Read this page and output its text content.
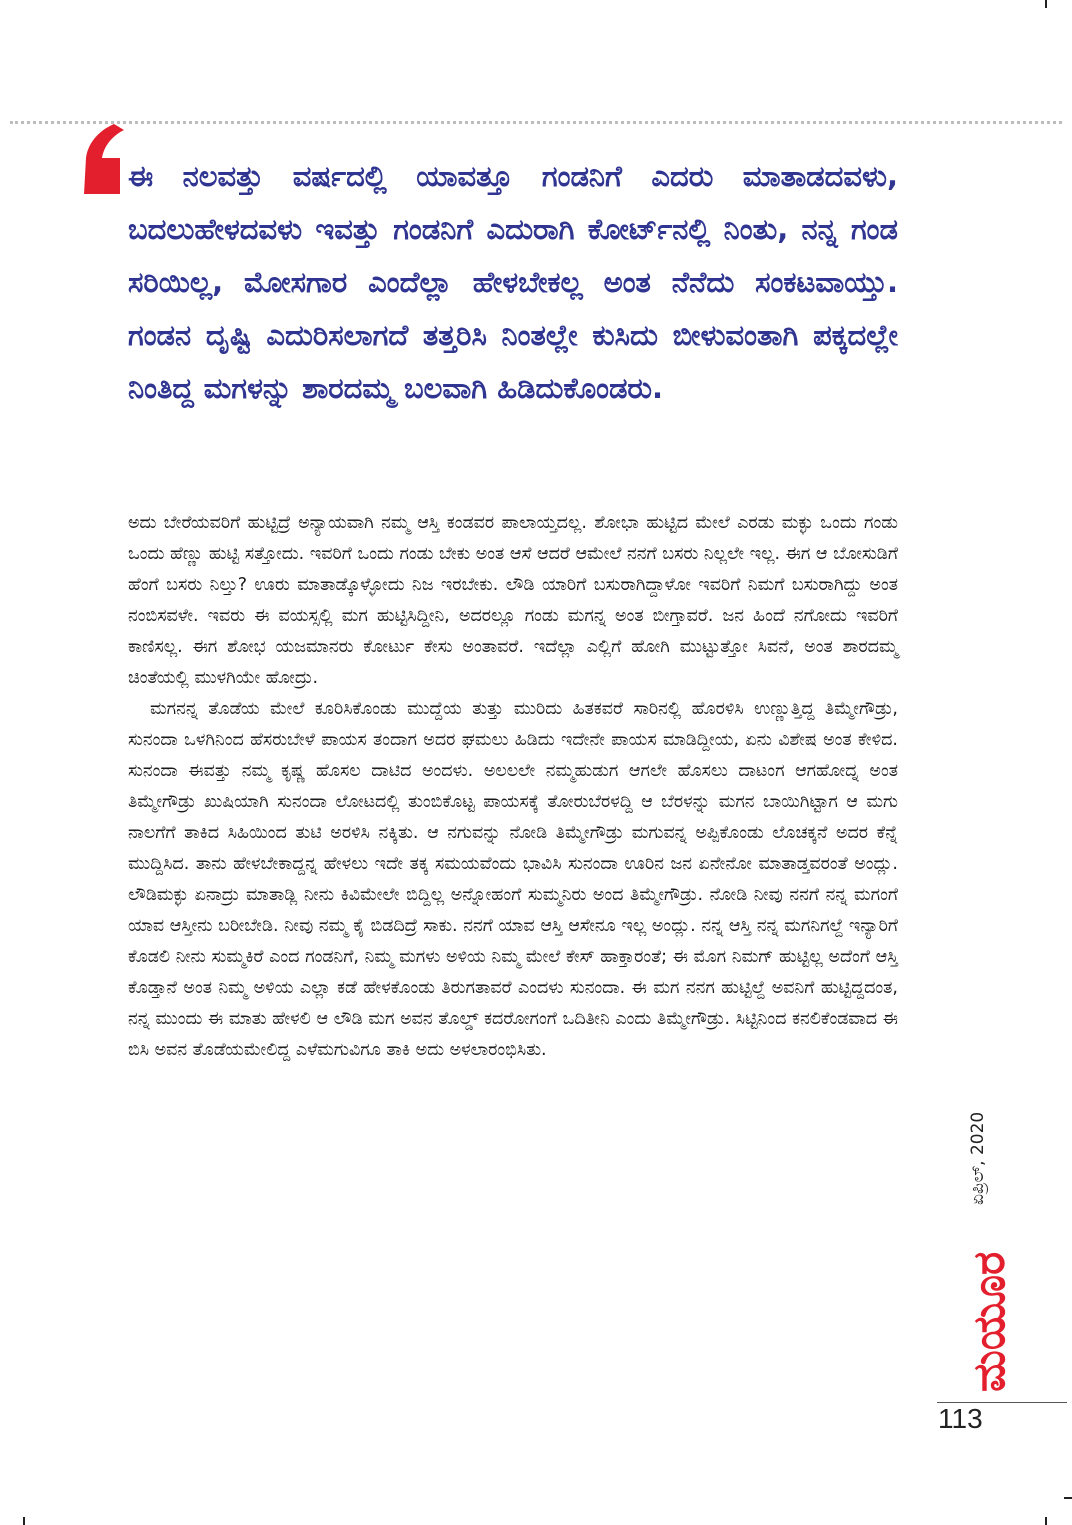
ಈ ನಲವತ್ತು ವರ್ಷದಲ್ಲಿ ಯಾವತ್ತೂ ಗಂಡನಿಗೆ ಎದರು ಮಾತಾಡದವಳು, ಬದಲುಹೇಳದವಳು ಇವತ್ತು ಗಂಡನಿಗೆ ಎದುರಾಗಿ ಕೋರ್ಟ್‌ನಲ್ಲಿ ನಿಂತು, ನನ್ನ ಗಂಡ ಸರಿಯಿಲ್ಲ, ಮೋಸಗಾರ ಎಂದೆಲ್ಲಾ ಹೇಳಬೇಕಲ್ಲ ಅಂತ ನೆನೆದು ಸಂಕಟವಾಯ್ತು. ಗಂಡನ ದೃಷ್ಟಿ ಎದುರಿಸಲಾಗದೆ ತತ್ತರಿಸಿ ನಿಂತಲ್ಲೇ ಕುಸಿದು ಬೀಳುವಂತಾಗಿ ಪಕ್ಕದಲ್ಲೇ ನಿಂತಿದ್ದ ಮಗಳನ್ನು ಶಾರದಮ್ಮ ಬಲವಾಗಿ ಹಿಡಿದುಕೊಂಡರು.

ಅದು ಬೇರೆಯವರಿಗೆ ಹುಟ್ಟಿದ್ರೆ ಅನ್ಯಾಯವಾಗಿ ನಮ್ಮ ಆಸ್ತಿ ಕಂಡವರ ಪಾಲಾಯ್ತದಲ್ಲ. ಶೋಭಾ ಹುಟ್ಟಿದ ಮೇಲೆ ಎರಡು ಮಕ್ಳು ಒಂದು ಗಂಡು ಒಂದು ಹೆಣ್ಣು ಹುಟ್ಟಿ ಸತ್ತೋದು. ಇವರಿಗೆ ಒಂದು ಗಂಡು ಬೇಕು ಅಂತ ಆಸೆ ಆದರೆ ಆಮೇಲೆ ನನಗೆ ಬಸರು ನಿಲ್ಲಲೇ ಇಲ್ಲ. ಈಗ ಆ ಬೋಸುಡಿಗೆ ಹೆಂಗೆ ಬಸರು ನಿಲ್ತು? ಊರು ಮಾತಾಡ್ಕೊಳ್ಳೋದು ನಿಜ ಇರಬೇಕು. ಲೌಡಿ ಯಾರಿಗೆ ಬಸುರಾಗಿದ್ದಾಳೋ ಇವರಿಗೆ ನಿಮಗೆ ಬಸುರಾಗಿದ್ದು ಅಂತ ನಂಬಿಸವಳೇ. ಇವರು ಈ ವಯಸ್ಸಲ್ಲಿ ಮಗ ಹುಟ್ಟಿಸಿದ್ದೀನಿ, ಅದರಲ್ಲೂ ಗಂಡು ಮಗನ್ನ ಅಂತ ಬೀಗ್ತಾವರೆ. ಜನ ಹಿಂದೆ ನಗೋದು ಇವರಿಗೆ ಕಾಣಿಸಲ್ಲ. ಈಗ ಶೋಭ ಯಜಮಾನರು ಕೋರ್ಟು ಕೇಸು ಅಂತಾವರೆ. ಇದೆಲ್ಲಾ ಎಲ್ಲಿಗೆ ಹೋಗಿ ಮುಟ್ಟುತ್ತೋ ಸಿವನೆ, ಅಂತ ಶಾರದಮ್ಮ ಚಿಂತೆಯಲ್ಲಿ ಮುಳಗಿಯೇ ಹೋದ್ರು.

ಮಗನನ್ನ ತೊಡೆಯ ಮೇಲೆ ಕೂರಿಸಿಕೊಂಡು ಮುದ್ದೆಯ ತುತ್ತು ಮುರಿದು ಹಿತಕವರೆ ಸಾರಿನಲ್ಲಿ ಹೊರಳಿಸಿ ಉಣ್ಣುತ್ತಿದ್ದ ತಿಮ್ಮೇಗೌಡ್ರು, ಸುನಂದಾ ಒಳಗಿನಿಂದ ಹೆಸರುಬೇಳೆ ಪಾಯಸ ತಂದಾಗ ಅದರ ಘಮಲು ಹಿಡಿದು ಇದೇನೇ ಪಾಯಸ ಮಾಡಿದ್ದೀಯ, ಏನು ವಿಶೇಷ ಅಂತ ಕೇಳಿದ. ಸುನಂದಾ ಈವತ್ತು ನಮ್ಮ ಕೃಷ್ಣ ಹೊಸಲ ದಾಟಿದ ಅಂದಳು. ಅಲಲಲೇ ನಮ್ಮಹುಡುಗ ಆಗಲೇ ಹೊಸಲು ದಾಟಂಗ ಆಗಹೋದ್ನ ಅಂತ ತಿಮ್ಮೇಗೌಡ್ರು ಖುಷಿಯಾಗಿ ಸುನಂದಾ ಲೋಟದಲ್ಲಿ ತುಂಬಿಕೊಟ್ಟ ಪಾಯಸಕ್ಕೆ ತೋರುಬೆರಳದ್ದಿ ಆ ಬೆರಳನ್ನು ಮಗನ ಬಾಯಿಗಿಟ್ಟಾಗ ಆ ಮಗು ನಾಲಗೆಗೆ ತಾಕಿದ ಸಿಹಿಯಿಂದ ತುಟಿ ಅರಳಿಸಿ ನಕ್ಕಿತು. ಆ ನಗುವನ್ನು ನೋಡಿ ತಿಮ್ಮೇಗೌಡ್ರು ಮಗುವನ್ನ ಅಪ್ಪಿಕೊಂಡು ಲೊಚಕ್ಕನೆ ಅದರ ಕೆನ್ನೆ ಮುದ್ದಿಸಿದ. ತಾನು ಹೇಳಬೇಕಾದ್ದನ್ನ ಹೇಳಲು ಇದೇ ತಕ್ಕ ಸಮಯವೆಂದು ಭಾವಿಸಿ ಸುನಂದಾ ಊರಿನ ಜನ ಏನೇನೋ ಮಾತಾಡ್ತವರಂತೆ ಅಂದ್ಲು. ಲೌಡಿಮಕ್ಳು ಏನಾದ್ರು ಮಾತಾಡ್ಲಿ ನೀನು ಕಿವಿಮೇಲೇ ಬಿದ್ದಿಲ್ಲ ಅನ್ನೋಹಂಗೆ ಸುಮ್ಮನಿರು ಅಂದ ತಿಮ್ಮೇಗೌಡ್ರು. ನೋಡಿ ನೀವು ನನಗೆ ನನ್ನ ಮಗಂಗೆ ಯಾವ ಆಸ್ತೀನು ಬರೀಬೇಡಿ. ನೀವು ನಮ್ಮ ಕೈ ಬಿಡದಿದ್ರೆ ಸಾಕು. ನನಗೆ ಯಾವ ಆಸ್ತಿ ಆಸೇನೂ ಇಲ್ಲ ಅಂದ್ಲು. ನನ್ನ ಆಸ್ತಿ ನನ್ನ ಮಗನಿಗಲ್ದೆ ಇನ್ಯಾರಿಗೆ ಕೊಡಲಿ ನೀನು ಸುಮ್ಮಕಿರೆ ಎಂದ ಗಂಡನಿಗೆ, ನಿಮ್ಮ ಮಗಳು ಅಳಿಯ ನಿಮ್ಮ ಮೇಲೆ ಕೇಸ್ ಹಾಕ್ತಾರಂತೆ; ಈ ಮೊಗ ನಿಮಗ್ ಹುಟ್ಟಿಲ್ಲ ಅದೆಂಗೆ ಆಸ್ತಿ ಕೊಡ್ತಾನೆ ಅಂತ ನಿಮ್ಮ ಅಳಿಯ ಎಲ್ಲಾ ಕಡೆ ಹೇಳಕೊಂಡು ತಿರುಗತಾವರೆ ಎಂದಳು ಸುನಂದಾ. ಈ ಮಗ ನನಗ ಹುಟ್ಟಿಲ್ದೆ ಅವನಿಗೆ ಹುಟ್ಟಿದ್ದದಂತ, ನನ್ನ ಮುಂದು ಈ ಮಾತು ಹೇಳಲಿ ಆ ಲೌಡಿ ಮಗ ಅವನ ತೊಲ್ಡ್ ಕದರೋಗಂಗೆ ಒದಿತೀನಿ ಎಂದು ತಿಮ್ಮೇಗೌಡ್ರು. ಸಿಟ್ಟಿನಿಂದ ಕನಲಿಕೆಂಡವಾದ ಈ ಬಿಸಿ ಅವನ ತೊಡೆಯಮೇಲಿದ್ದ ಎಳೆಮಗುವಿಗೂ ತಾಕಿ ಅದು ಅಳಲಾರಂಭಿಸಿತು.

ಏಪ್ರಿಲ್, 2020
ಮಯೂರ
113
